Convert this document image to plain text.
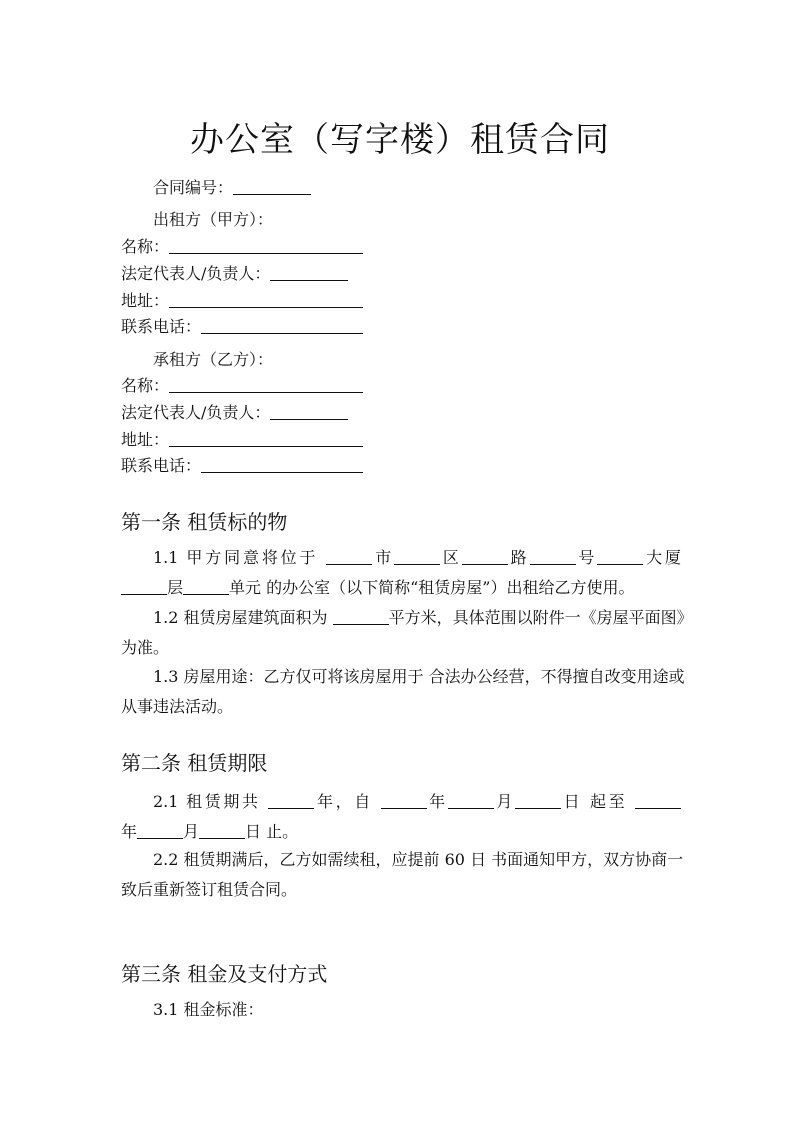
办公室（写字楼）租赁合同
合同编号：
出租方（甲方）：
名称：
法定代表人/负责人：
地址：
联系电话：
承租方（乙方）：
名称：
法定代表人/负责人：
地址：
联系电话：
第一条 租赁标的物
1.1 甲方同意将位于	市	区	路	号	大厦
层	单元 的办公室（以下简称“租赁房屋”）出租给乙方使用。
1.2 租赁房屋建筑面积为	平方米，具体范围以附件一《房屋平面图》
为准。
1.3 房屋用途：乙方仅可将该房屋用于 合法办公经营，不得擅自改变用途或
从事违法活动。
第二条 租赁期限
2.1 租赁期共	年，自	年	月	日 起至
年	月	日 止。
2.2 租赁期满后，乙方如需续租，应提前 60 日 书面通知甲方，双方协商一
致后重新签订租赁合同。
第三条 租金及支付方式
3.1 租金标准：
